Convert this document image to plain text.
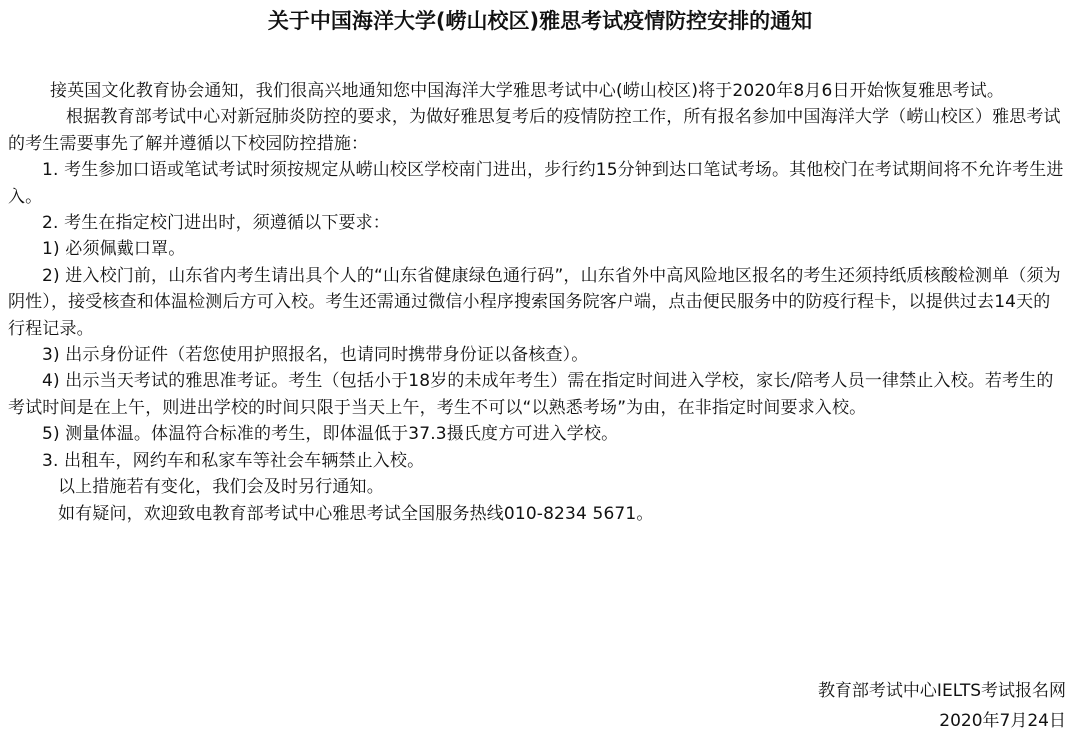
关于中国海洋大学(崂山校区)雅思考试疫情防控安排的通知

接英国文化教育协会通知，我们很高兴地通知您中国海洋大学雅思考试中心(崂山校区)将于2020年8月6日开始恢复雅思考试。

根据教育部考试中心对新冠肺炎防控的要求，为做好雅思复考后的疫情防控工作，所有报名参加中国海洋大学（崂山校区）雅思考试的考生需要事先了解并遵循以下校园防控措施：

1. 考生参加口语或笔试考试时须按规定从崂山校区学校南门进出，步行约15分钟到达口笔试考场。其他校门在考试期间将不允许考生进入。

2. 考生在指定校门进出时，须遵循以下要求：

1) 必须佩戴口罩。

2) 进入校门前，山东省内考生请出具个人的“山东省健康绿色通行码”，山东省外中高风险地区报名的考生还须持纸质核酸检测单（须为阴性），接受核查和体温检测后方可入校。考生还需通过微信小程序搜索国务院客户端，点击便民服务中的防疫行程卡，以提供过去14天的行程记录。

3) 出示身份证件（若您使用护照报名，也请同时携带身份证以备核查）。

4) 出示当天考试的雅思准考证。考生（包括小于18岁的未成年考生）需在指定时间进入学校，家长/陪考人员一律禁止入校。若考生的考试时间是在上午，则进出学校的时间只限于当天上午，考生不可以“以熟悉考场”为由，在非指定时间要求入校。

5) 测量体温。体温符合标准的考生，即体温低于37.3摄氏度方可进入学校。

3. 出租车，网约车和私家车等社会车辆禁止入校。

以上措施若有变化，我们会及时另行通知。

如有疑问，欢迎致电教育部考试中心雅思考试全国服务热线010-8234 5671。

教育部考试中心IELTS考试报名网
2020年7月24日
